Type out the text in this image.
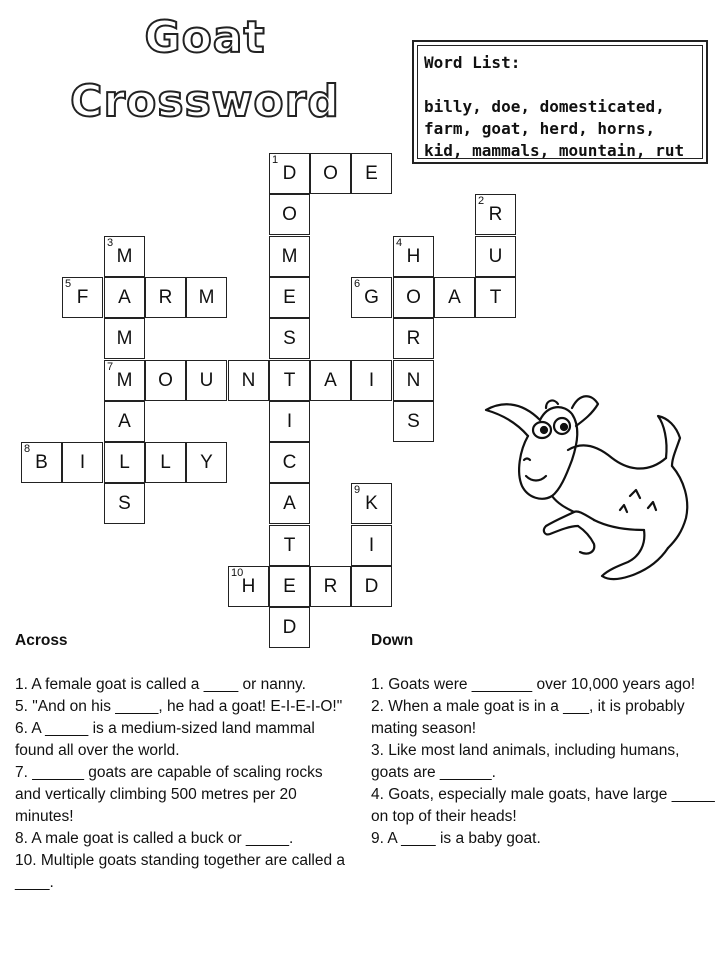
Goat
Crossword
Word List:
billy, doe, domesticated, farm, goat, herd, horns, kid, mammals, mountain, rut
D
1
O E
O
M
E
S
T
I
C
A
T
E
D
R
2
U
T
M
3
A
M
M
7
A
L
S
H
4
O
R
N
S
F
5
R M	G
6
A
O U N	A I
B
8
I	L Y
K
9
I
D
H
10
R
Across
1. A female goat is called a ____ or nanny.
5. "And on his _____, he had a goat! E-I-E-I-O!"
6. A _____ is a medium-sized land mammal found all over the world.
7. ______ goats are capable of scaling rocks and vertically climbing 500 metres per 20 minutes!
8. A male goat is called a buck or _____.
10. Multiple goats standing together are called a ____.
Down
1. Goats were _______ over 10,000 years ago!
2. When a male goat is in a ___, it is probably mating season!
3. Like most land animals, including humans, goats are ______.
4. Goats, especially male goats, have large _____ on top of their heads!
9. A ____ is a baby goat.
